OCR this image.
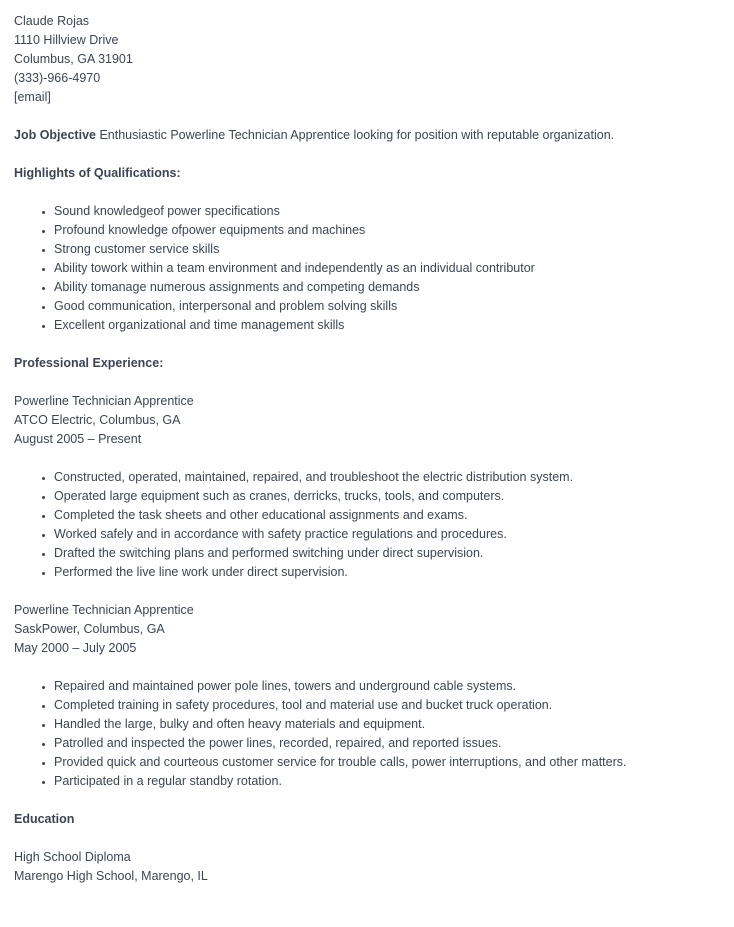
Claude Rojas
1110 Hillview Drive
Columbus, GA 31901
(333)-966-4970
[email]
Job Objective Enthusiastic Powerline Technician Apprentice looking for position with reputable organization.
Highlights of Qualifications:
• Sound knowledgeof power specifications
• Profound knowledge ofpower equipments and machines
• Strong customer service skills
• Ability towork within a team environment and independently as an individual contributor
• Ability tomanage numerous assignments and competing demands
• Good communication, interpersonal and problem solving skills
• Excellent organizational and time management skills
Professional Experience:
Powerline Technician Apprentice
ATCO Electric, Columbus, GA
August 2005 – Present
• Constructed, operated, maintained, repaired, and troubleshoot the electric distribution system.
• Operated large equipment such as cranes, derricks, trucks, tools, and computers.
• Completed the task sheets and other educational assignments and exams.
• Worked safely and in accordance with safety practice regulations and procedures.
• Drafted the switching plans and performed switching under direct supervision.
• Performed the live line work under direct supervision.
Powerline Technician Apprentice
SaskPower, Columbus, GA
May 2000 – July 2005
• Repaired and maintained power pole lines, towers and underground cable systems.
• Completed training in safety procedures, tool and material use and bucket truck operation.
• Handled the large, bulky and often heavy materials and equipment.
• Patrolled and inspected the power lines, recorded, repaired, and reported issues.
• Provided quick and courteous customer service for trouble calls, power interruptions, and other matters.
• Participated in a regular standby rotation.
Education
High School Diploma
Marengo High School, Marengo, IL
